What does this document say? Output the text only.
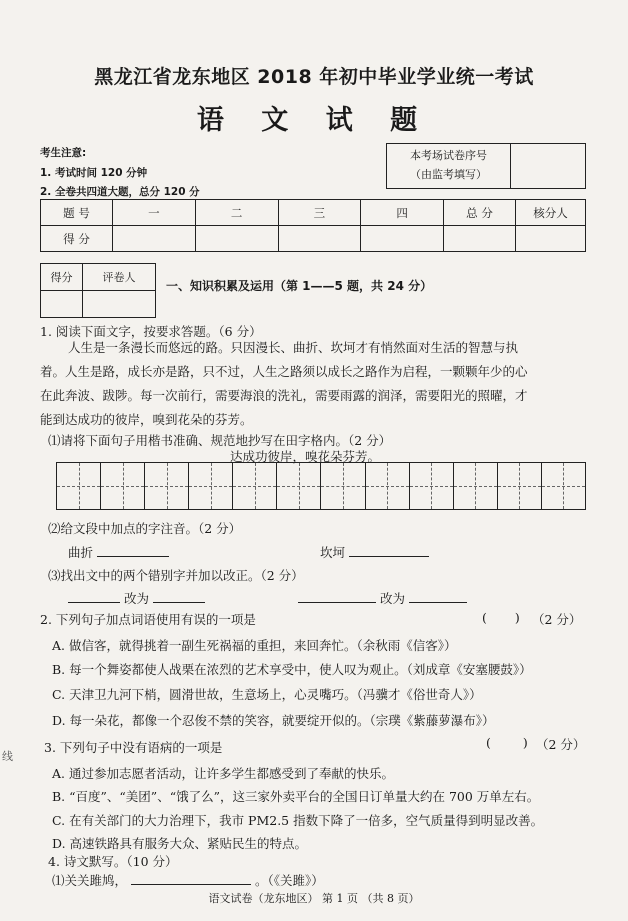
黑龙江省龙东地区 2018 年初中毕业学业统一考试
语 文 试 题
考生注意:
1. 考试时间 120 分钟
2. 全卷共四道大题，总分 120 分
本考场试卷序号
（由监考填写）
题 号	一	二	三	四	总 分	核分人
得 分						
得分	评卷人
一、知识积累及运用（第 1——5 题，共 24 分）
1. 阅读下面文字，按要求答题。（6 分）
人生是一条漫长而悠远的路。只因漫长、曲折、坎坷才有悄然面对生活的智慧与执
着。人生是路，成长亦是路，只不过，人生之路须以成长之路作为启程，一颗颗年少的心
在此奔波、跋陟。每一次前行，需要海浪的洗礼，需要雨露的润泽，需要阳光的照曜，才
能到达成功的彼岸，嗅到花朵的芬芳。
⑴请将下面句子用楷书准确、规范地抄写在田字格内。（2 分）
达成功彼岸，嗅花朵芬芳。
⑵给文段中加点的字注音。（2 分）
曲折	坎坷
⑶找出文中的两个错别字并加以改正。（2 分）
改为	改为
2. 下列句子加点词语使用有误的一项是	( ) （2 分）
A. 做信客，就得挑着一副生死祸福的重担，来回奔忙。（余秋雨《信客》）
B. 每一个舞姿都使人战栗在浓烈的艺术享受中，使人叹为观止。（刘成章《安塞腰鼓》）
C. 天津卫九河下梢，圆滑世故，生意场上，心灵嘴巧。（冯骥才《俗世奇人》）
D. 每一朵花，都像一个忍俊不禁的笑容，就要绽开似的。（宗璞《紫藤萝瀑布》）
3. 下列句子中没有语病的一项是	(	) （2 分）
A. 通过参加志愿者活动，让许多学生都感受到了奉献的快乐。
B. “百度”、“美团”、“饿了么”，这三家外卖平台的全国日订单量大约在 700 万单左右。
C. 在有关部门的大力治理下，我市 PM2.5 指数下降了一倍多，空气质量得到明显改善。
D. 高速铁路具有服务大众、紧贴民生的特点。
4. 诗文默写。（10 分）
⑴关关雎鸠，	。（《关雎》）
语文试卷（龙东地区） 第 1 页 （共 8 页）
线
